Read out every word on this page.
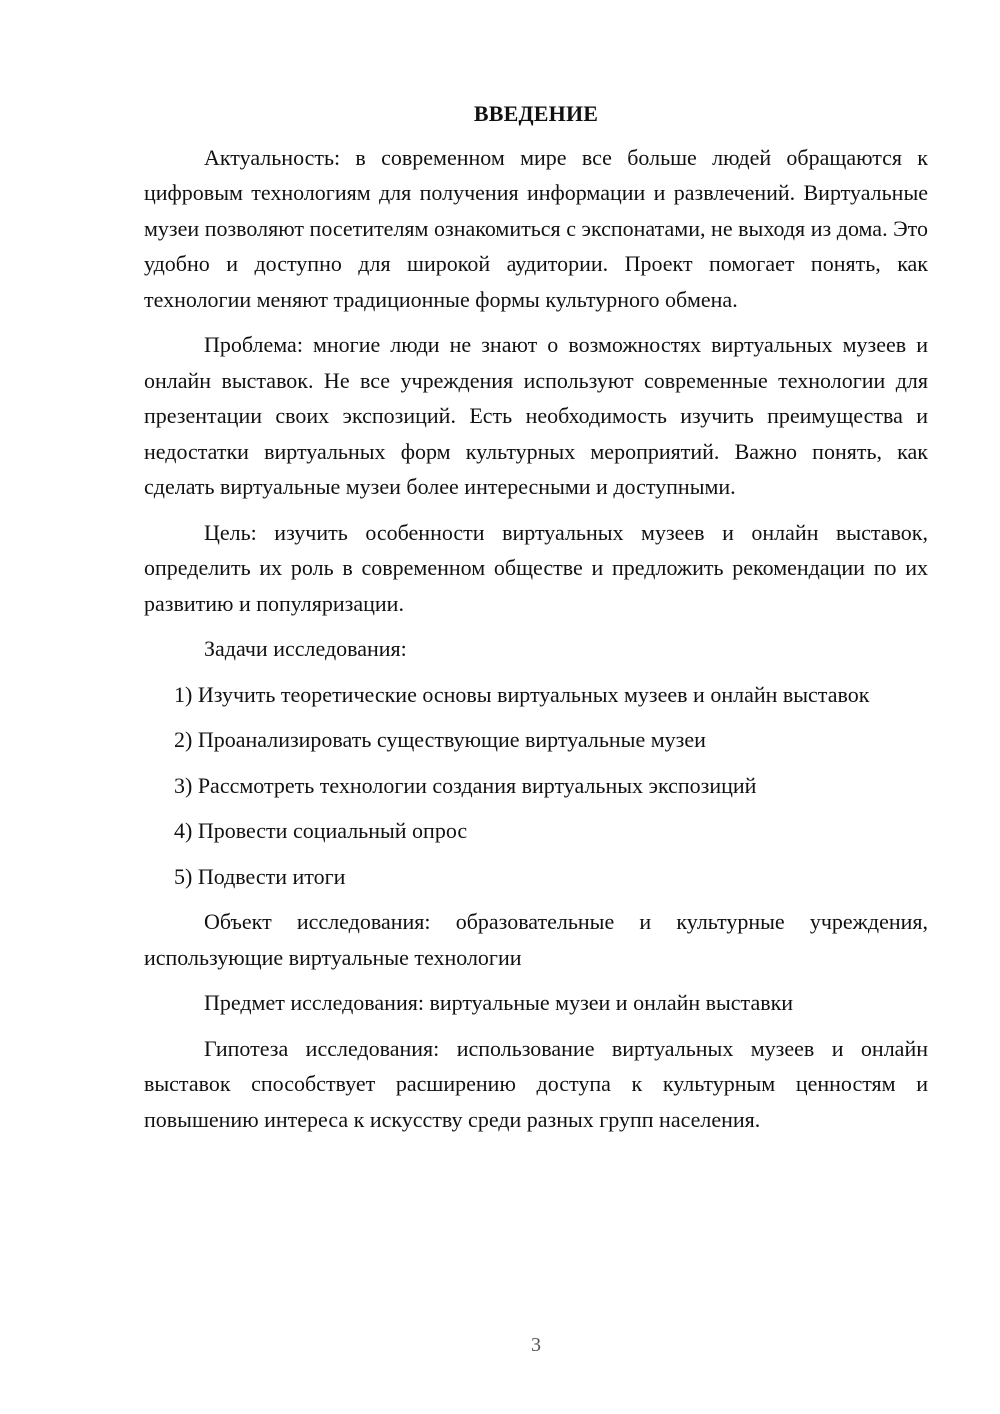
ВВЕДЕНИЕ

Актуальность: в современном мире все больше людей обращаются к цифровым технологиям для получения информации и развлечений. Виртуальные музеи позволяют посетителям ознакомиться с экспонатами, не выходя из дома. Это удобно и доступно для широкой аудитории. Проект помогает понять, как технологии меняют традиционные формы культурного обмена.

Проблема: многие люди не знают о возможностях виртуальных музеев и онлайн выставок. Не все учреждения используют современные технологии для презентации своих экспозиций. Есть необходимость изучить преимущества и недостатки виртуальных форм культурных мероприятий. Важно понять, как сделать виртуальные музеи более интересными и доступными.

Цель: изучить особенности виртуальных музеев и онлайн выставок, определить их роль в современном обществе и предложить рекомендации по их развитию и популяризации.

Задачи исследования:

1) Изучить теоретические основы виртуальных музеев и онлайн выставок

2) Проанализировать существующие виртуальные музеи

3) Рассмотреть технологии создания виртуальных экспозиций

4) Провести социальный опрос

5) Подвести итоги

Объект исследования: образовательные и культурные учреждения, использующие виртуальные технологии

Предмет исследования: виртуальные музеи и онлайн выставки

Гипотеза исследования: использование виртуальных музеев и онлайн выставок способствует расширению доступа к культурным ценностям и повышению интереса к искусству среди разных групп населения.

3
